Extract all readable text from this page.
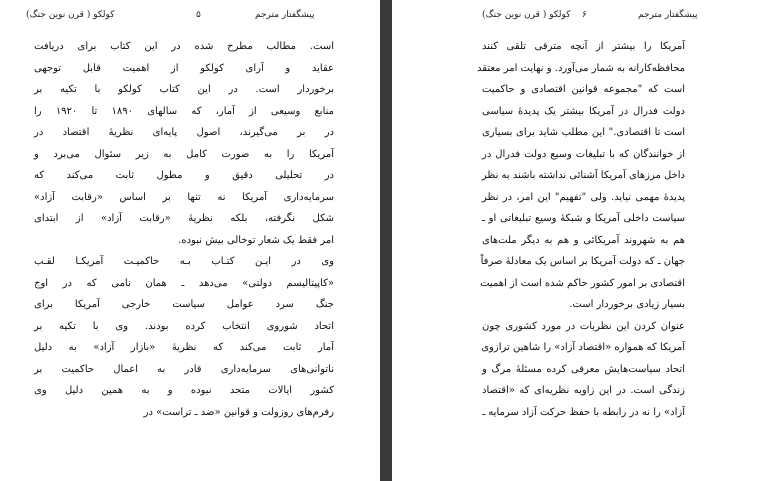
کولکو ( قرن نوین جنگ)	۵	پیشگفتار مترجم
است. مطالب مطرح شده در این کتاب برای دریافت
عقاید و آرای کولکو از اهمیت قابل توجهی
برخوردار است. در این کتاب کولکو با تکیه بر
منابع وسیعی از آمار، که سالهای ۱۸۹۰ تا ۱۹۲۰ را
در بر می‌گیرند، اصول پایه‌ای نظریهٔ اقتصاد در
آمریکا را به صورت کامل به زیر سئوال می‌برد و
در تحلیلی دقیق و مطول ثابت می‌کند که
سرمایه‌داری آمریکا نه تنها بر اساس «رقابت آزاد»
شکل نگرفته، بلکه نظریهٔ «رقابت آزاد» از ابتدای
امر فقط یک شعار توخالی بیش نبوده.
وی در ایـن کتـاب بـه حاکمیـت آمریکـا لقـب
«کاپیتالیسم دولتی» می‌دهد ـ همان نامی که در اوج
جنگ سرد عوامل سیاست خارجی آمریکا برای
اتحاد شوروی انتخاب کرده بودند. وی با تکیه بر
آمار ثابت می‌کند که نظریهٔ «بازار آزاد» به دلیل
ناتوانی‌های سرمایه‌داری قادر به اعمال حاکمیت بر
کشور ایالات متحد نبوده و به همین دلیل وی
رفرم‌های روزولت و قوانین «ضد ـ تراست» در
کولکو ( قرن نوین جنگ) ۶	پیشگفتار مترجم
آمریکا را بیشتر از آنچه مترقی تلقی کنند
محافظه‌کارانه به شمار می‌آورد. و نهایت امر معتقد
است که "مجموعه قوانین اقتصادی و حاکمیت
دولت فدرال در آمریکا بیشتر یک پدیدهٔ سیاسی
است تا اقتصادی." این مطلب شاید برای بسیاری
از خوانندگان که با تبلیغات وسیع دولت فدرال در
داخل مرزهای آمریکا آشنائی نداشته باشند به نظر
پدیدهٔ مهمی نیاید. ولی "تفهیم" این امر، در نظر
سیاست داخلی آمریکا و شبکهٔ وسیع تبلیغاتی او ـ
هم به شهروند آمریکائی و هم به دیگر ملت‌های
جهان ـ که دولت آمریکا بر اساس یک معادلهٔ صرفاً
اقتصادی بر امور کشور حاکم شده است از اهمیت
بسیار زیادی برخوردار است.
عنوان کردن این نظریات در مورد کشوری چون
آمریکا که همواره «اقتصاد آزاد» را شاهین ترازوی
اتحاد سیاست‌هایش معرفی کرده مسئلهٔ مرگ و
زندگی است. در این زاویه نظریه‌ای که «اقتصاد
آزاد» را نه در رابطه با حفظ حرکت آزاد سرمایه ـ
